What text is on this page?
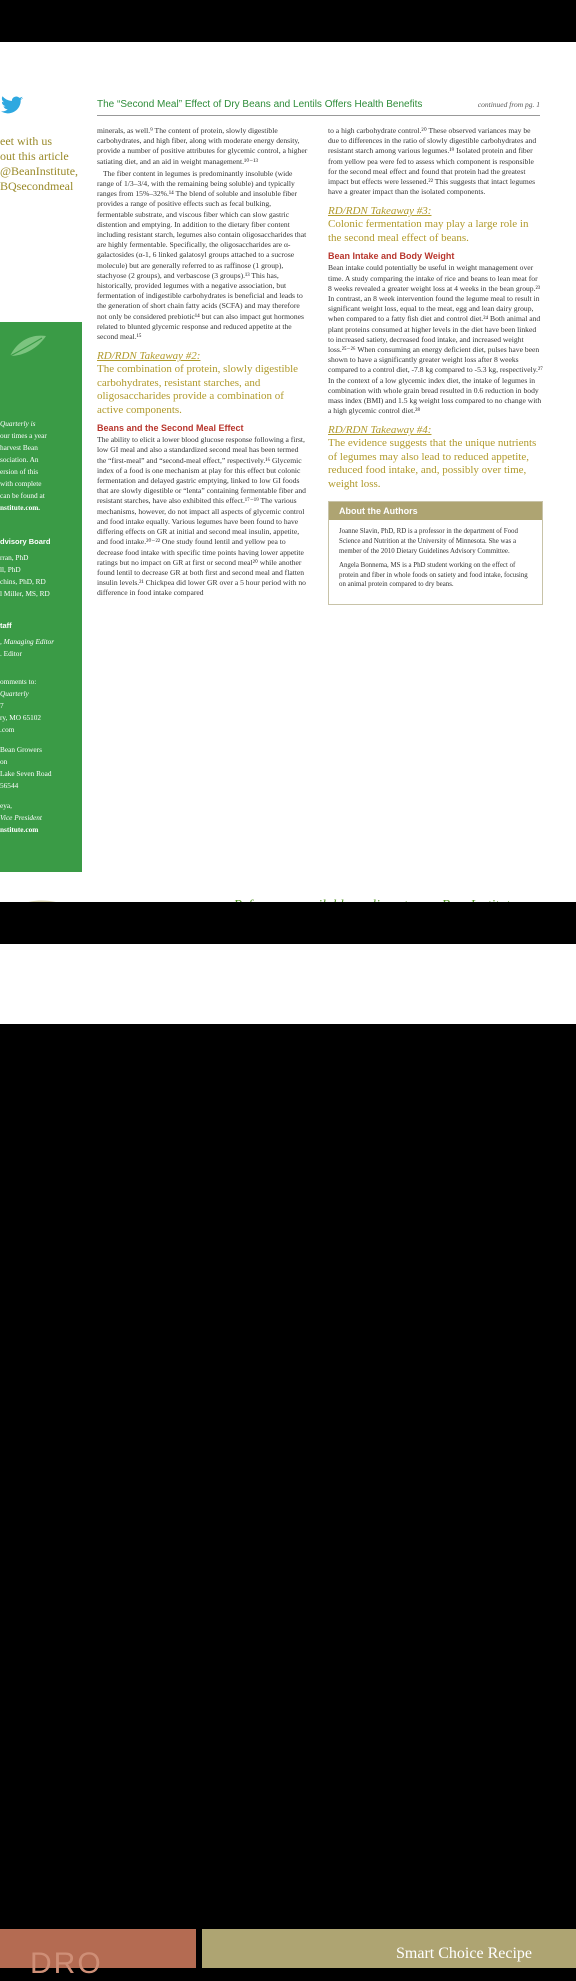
eet with us
out this article
@BeanInstitute,
BQsecondmeal
Quarterly is
our times a year
harvest Bean
sociation. An
ersion of this
with complete
can be found at
nstitute.com.
dvisory Board
rran, PhD
ll, PhD
chins, PhD, RD
l Miller, MS, RD
taff
, Managing Editor
. Editor
omments to:
Quarterly
7
ry, MO 65102
.com
Bean Growers
on
Lake Seven Road
56544
eya,
Vice President
nstitute.com
The “Second Meal” Effect of Dry Beans and Lentils Offers Health Benefits	continued from pg. 1

minerals, as well.⁹ The content of protein, slowly digestible carbohydrates, and high fiber, along with moderate energy density, provide a number of positive attributes for glycemic control, a higher satiating diet, and an aid in weight management.¹⁰⁻¹³

The fiber content in legumes is predominantly insoluble (wide range of 1/3–3/4, with the remaining being soluble) and typically ranges from 15%–32%.¹⁴ The blend of soluble and insoluble fiber provides a range of positive effects such as fecal bulking, fermentable substrate, and viscous fiber which can slow gastric distention and emptying. In addition to the dietary fiber content including resistant starch, legumes also contain oligosaccharides that are highly fermentable. Specifically, the oligosaccharides are α-galactosides (α-1, 6 linked galatosyl groups attached to a sucrose molecule) but are generally referred to as raffinose (1 group), stachyose (2 groups), and verbascose (3 groups).¹³ This has, historically, provided legumes with a negative association, but fermentation of indigestible carbohydrates is beneficial and leads to the generation of short chain fatty acids (SCFA) and may therefore not only be considered prebiotic¹⁴ but can also impact gut hormones related to blunted glycemic response and reduced appetite at the second meal.¹⁵

RD/RDN Takeaway #2:
The combination of protein, slowly digestible carbohydrates, resistant starches, and oligosaccharides provide a combination of active components.
Beans and the Second Meal Effect

The ability to elicit a lower blood glucose response following a first, low GI meal and also a standardized second meal has been termed the “first-meal” and “second-meal effect,” respectively.¹⁶ Glycemic index of a food is one mechanism at play for this effect but colonic fermentation and delayed gastric emptying, linked to low GI foods that are slowly digestible or “lenta” containing fermentable fiber and resistant starches, have also exhibited this effect.¹⁷⁻¹⁹ The various mechanisms, however, do not impact all aspects of glycemic control and food intake equally. Various legumes have been found to have differing effects on GR at initial and second meal insulin, appetite, and food intake.²⁰⁻²² One study found lentil and yellow pea to decrease food intake with specific time points having lower appetite ratings but no impact on GR at first or second meal²⁰ while another found lentil to decrease GR at both first and second meal and flatten insulin levels.²¹ Chickpea did lower GR over a 5 hour period with no difference in food intake compared

to a high carbohydrate control.²⁰ These observed variances may be due to differences in the ratio of slowly digestible carbohydrates and resistant starch among various legumes.¹⁹ Isolated protein and fiber from yellow pea were fed to assess which component is responsible for the second meal effect and found that protein had the greatest impact but effects were lessened.²² This suggests that intact legumes have a greater impact than the isolated components.

RD/RDN Takeaway #3:
Colonic fermentation may play a large role in the second meal effect of beans.
Bean Intake and Body Weight

Bean intake could potentially be useful in weight management over time. A study comparing the intake of rice and beans to lean meat for 8 weeks revealed a greater weight loss at 4 weeks in the bean group.²³ In contrast, an 8 week intervention found the legume meal to result in significant weight loss, equal to the meat, egg and lean dairy group, when compared to a fatty fish diet and control diet.²⁴ Both animal and plant proteins consumed at higher levels in the diet have been linked to increased satiety, decreased food intake, and increased weight loss.²⁵⁻²⁶ When consuming an energy deficient diet, pulses have been shown to have a significantly greater weight loss after 8 weeks compared to a control diet, -7.8 kg compared to -5.3 kg, respectively.²⁷ In the context of a low glycemic index diet, the intake of legumes in combination with whole grain bread resulted in 0.6 reduction in body mass index (BMI) and 1.5 kg weight loss compared to no change with a high glycemic control diet.²⁸

RD/RDN Takeaway #4:
The evidence suggests that the unique nutrients of legumes may also lead to reduced appetite, reduced food intake, and, possibly over time, weight loss.
About the Authors

Joanne Slavin, PhD, RD is a professor in the department of Food Science and Nutrition at the University of Minnesota. She was a member of the 2010 Dietary Guidelines Advisory Committee.

Angela Bonnema, MS is a PhD student working on the effect of protein and fiber in whole foods on satiety and food intake, focusing on animal protein compared to dry beans.

DRO	Smart Choice Recipe
